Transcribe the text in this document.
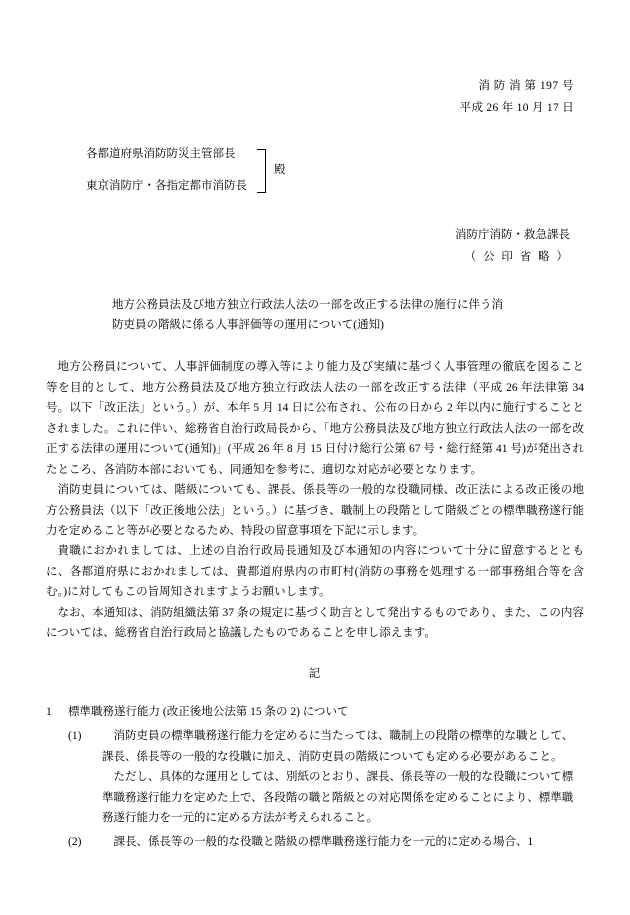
消 防 消 第 197 号
平成 26 年 10 月 17 日
各都道府県消防防災主管部長
東京消防庁・各指定都市消防長
殿
消防庁消防・救急課長
（ 公 印 省 略 ）
地方公務員法及び地方独立行政法人法の一部を改正する法律の施行に伴う消
防吏員の階級に係る人事評価等の運用について(通知)

地方公務員について、人事評価制度の導入等により能力及び実績に基づく人事管理の徹底を図ること等を目的として、地方公務員法及び地方独立行政法人法の一部を改正する法律（平成 26 年法律第 34 号。以下「改正法」という。）が、本年 5 月 14 日に公布され、公布の日から 2 年以内に施行することとされました。これに伴い、総務省自治行政局長から、「地方公務員法及び地方独立行政法人法の一部を改正する法律の運用について(通知)」(平成 26 年 8 月 15 日付け総行公第 67 号・総行経第 41 号)が発出されたところ、各消防本部においても、同通知を参考に、適切な対応が必要となります。

消防吏員については、階級についても、課長、係長等の一般的な役職同様、改正法による改正後の地方公務員法（以下「改正後地公法」という。）に基づき、職制上の段階として階級ごとの標準職務遂行能力を定めること等が必要となるため、特段の留意事項を下記に示します。

貴職におかれましては、上述の自治行政局長通知及び本通知の内容について十分に留意するとともに、各都道府県におかれましては、貴都道府県内の市町村(消防の事務を処理する一部事務組合等を含む。)に対してもこの旨周知されますようお願いします。

なお、本通知は、消防組織法第 37 条の規定に基づく助言として発出するものであり、また、この内容については、総務省自治行政局と協議したものであることを申し添えます。

記
1	標準職務遂行能力 (改正後地公法第 15 条の 2) について
(1)	消防吏員の標準職務遂行能力を定めるに当たっては、職制上の段階の標準的な職として、課長、係長等の一般的な役職に加え、消防吏員の階級についても定める必要があること。
ただし、具体的な運用としては、別紙のとおり、課長、係長等の一般的な役職について標準職務遂行能力を定めた上で、各段階の職と階級との対応関係を定めることにより、標準職務遂行能力を一元的に定める方法が考えられること。
(2)	課長、係長等の一般的な役職と階級の標準職務遂行能力を一元的に定める場合、1
